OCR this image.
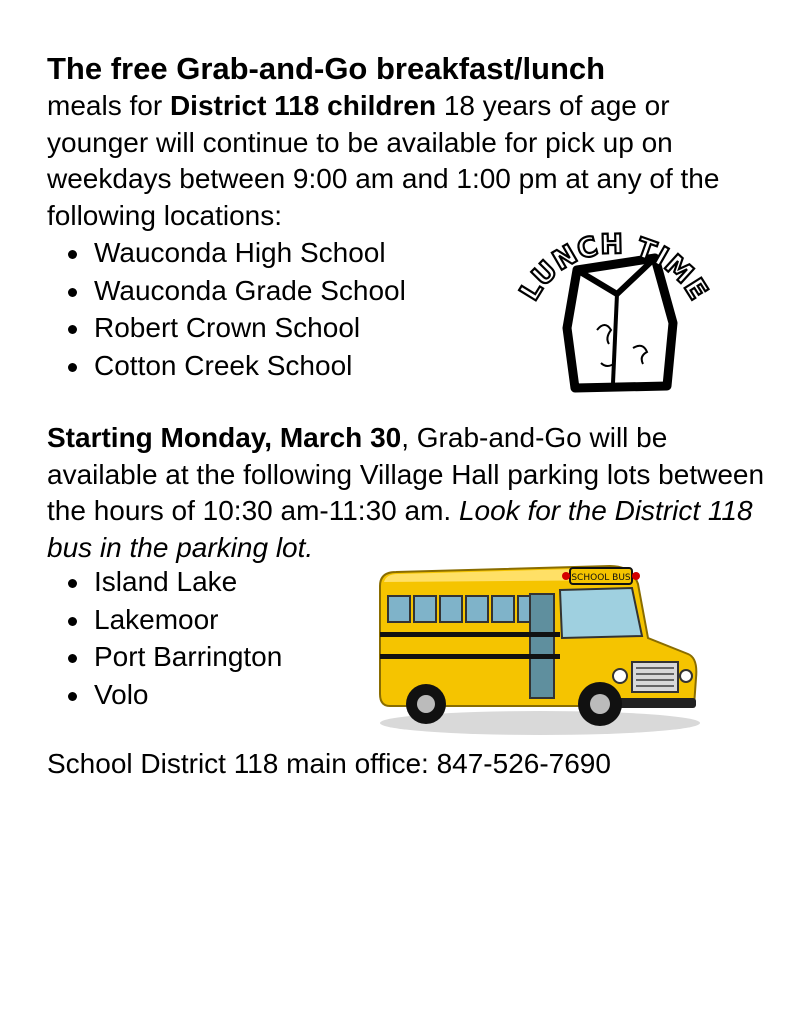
The free Grab-and-Go breakfast/lunch
meals for District 118 children 18 years of age or younger will continue to be available for pick up on weekdays between 9:00 am and 1:00 pm at any of the following locations:
Wauconda High School
Wauconda Grade School
Robert Crown School
Cotton Creek School
LUNCH TIME
Starting Monday, March 30, Grab-and-Go will be available at the following Village Hall parking lots between the hours of 10:30 am-11:30 am. Look for the District 118 bus in the parking lot.
Island Lake
Lakemoor
Port Barrington
Volo
SCHOOL BUS
School District 118 main office: 847-526-7690
